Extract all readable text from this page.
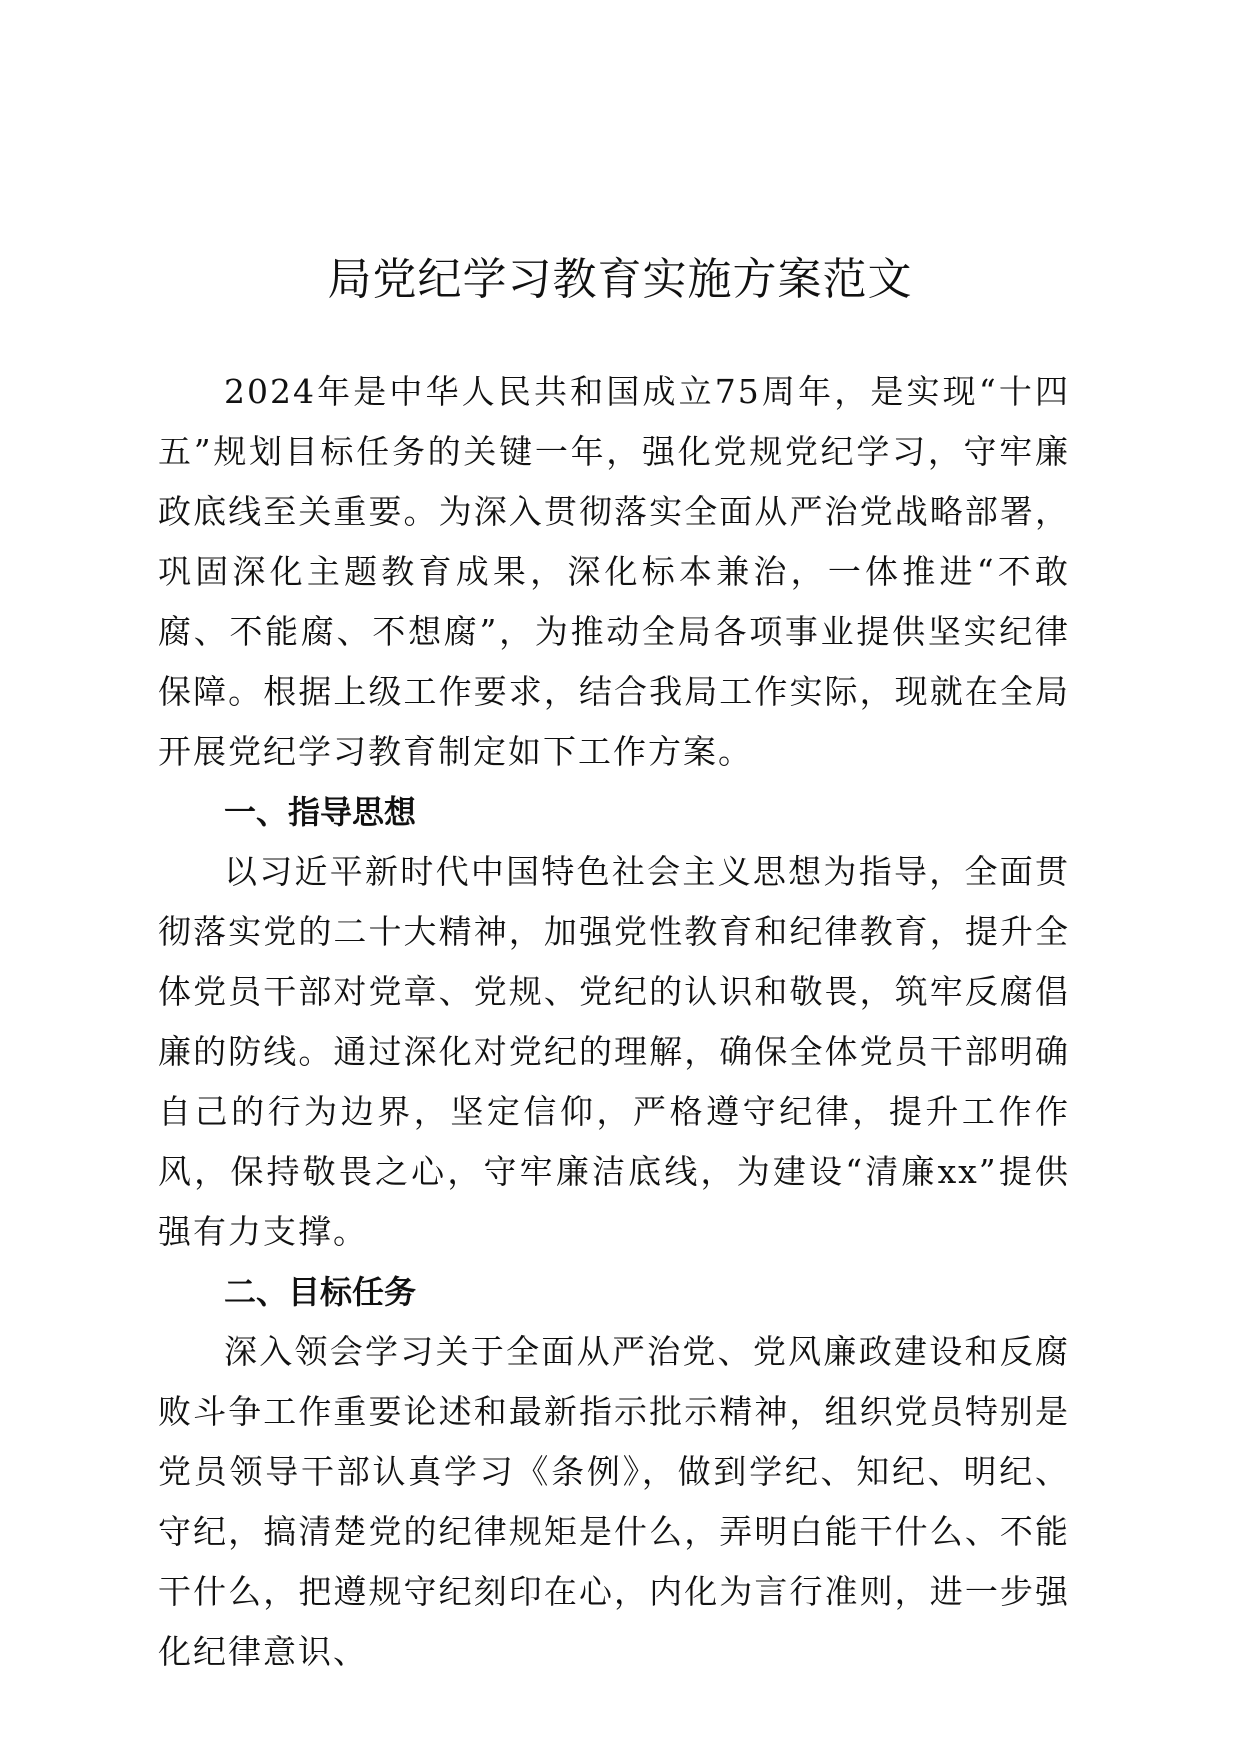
局党纪学习教育实施方案范文

2024年是中华人民共和国成立75周年，是实现“十四五”规划目标任务的关键一年，强化党规党纪学习，守牢廉政底线至关重要。为深入贯彻落实全面从严治党战略部署，巩固深化主题教育成果，深化标本兼治，一体推进“不敢腐、不能腐、不想腐”，为推动全局各项事业提供坚实纪律保障。根据上级工作要求，结合我局工作实际，现就在全局开展党纪学习教育制定如下工作方案。

一、指导思想

以习近平新时代中国特色社会主义思想为指导，全面贯彻落实党的二十大精神，加强党性教育和纪律教育，提升全体党员干部对党章、党规、党纪的认识和敬畏，筑牢反腐倡廉的防线。通过深化对党纪的理解，确保全体党员干部明确自己的行为边界，坚定信仰，严格遵守纪律，提升工作作风，保持敬畏之心，守牢廉洁底线，为建设“清廉xx”提供强有力支撑。

二、目标任务

深入领会学习关于全面从严治党、党风廉政建设和反腐败斗争工作重要论述和最新指示批示精神，组织党员特别是党员领导干部认真学习《条例》，做到学纪、知纪、明纪、守纪，搞清楚党的纪律规矩是什么，弄明白能干什么、不能干什么，把遵规守纪刻印在心，内化为言行准则，进一步强化纪律意识、
